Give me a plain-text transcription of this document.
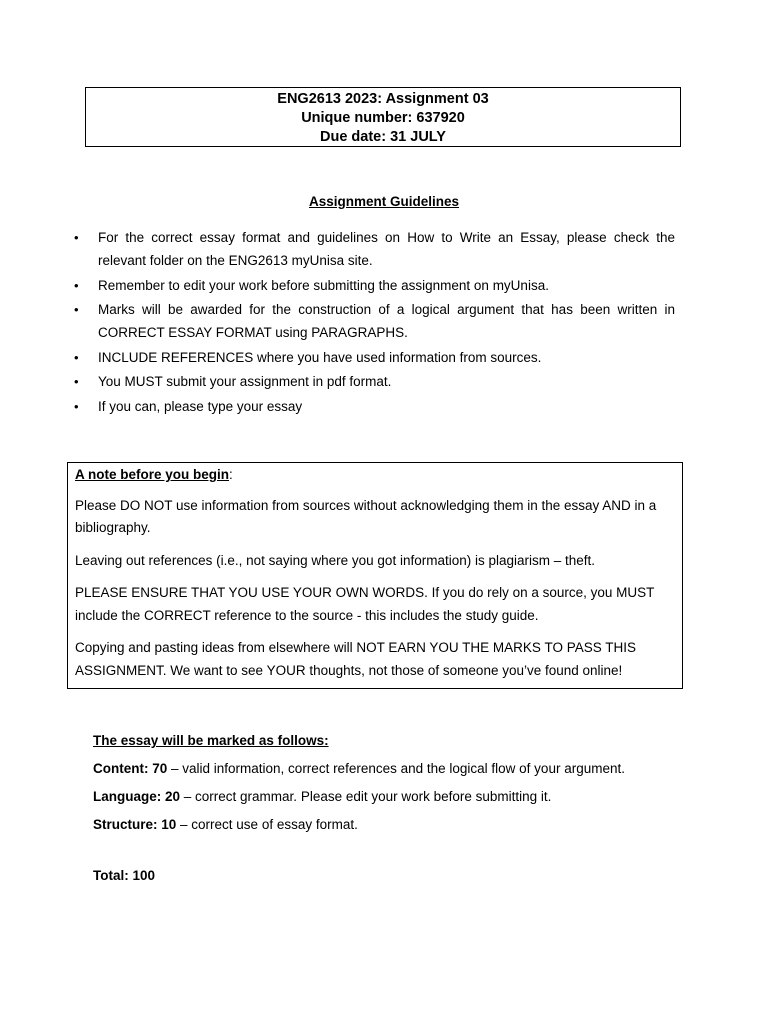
ENG2613 2023: Assignment 03
Unique number: 637920
Due date: 31 JULY
Assignment Guidelines
• For the correct essay format and guidelines on How to Write an Essay, please check the relevant folder on the ENG2613 myUnisa site.
• Remember to edit your work before submitting the assignment on myUnisa.
• Marks will be awarded for the construction of a logical argument that has been written in CORRECT ESSAY FORMAT using PARAGRAPHS.
• INCLUDE REFERENCES where you have used information from sources.
• You MUST submit your assignment in pdf format.
• If you can, please type your essay

A note before you begin:

Please DO NOT use information from sources without acknowledging them in the essay AND in a bibliography.

Leaving out references (i.e., not saying where you got information) is plagiarism – theft.

PLEASE ENSURE THAT YOU USE YOUR OWN WORDS. If you do rely on a source, you MUST include the CORRECT reference to the source - this includes the study guide.

Copying and pasting ideas from elsewhere will NOT EARN YOU THE MARKS TO PASS THIS ASSIGNMENT. We want to see YOUR thoughts, not those of someone you’ve found online!

The essay will be marked as follows:
Content: 70 – valid information, correct references and the logical flow of your argument.
Language: 20 – correct grammar. Please edit your work before submitting it.
Structure: 10 – correct use of essay format.
Total: 100
